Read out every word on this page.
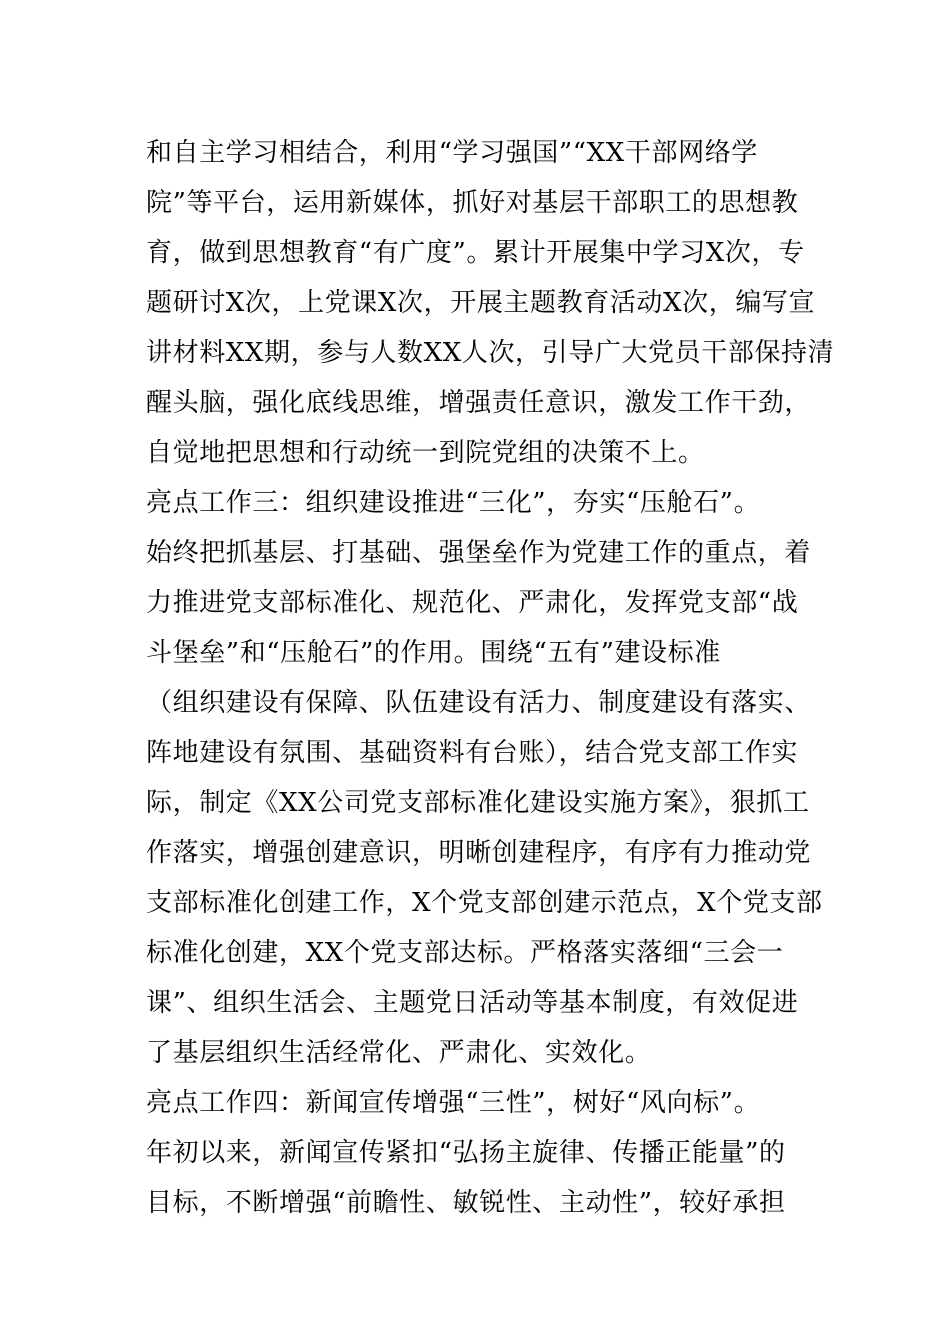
和自主学习相结合，利用“学习强国”“XX干部网络学
院”等平台，运用新媒体，抓好对基层干部职工的思想教
育，做到思想教育“有广度”。累计开展集中学习X次，专
题研讨X次，上党课X次，开展主题教育活动X次，编写宣
讲材料XX期，参与人数XX人次，引导广大党员干部保持清
醒头脑，强化底线思维，增强责任意识，激发工作干劲，
自觉地把思想和行动统一到院党组的决策不上。
亮点工作三：组织建设推进“三化”，夯实“压舱石”。
始终把抓基层、打基础、强堡垒作为党建工作的重点，着
力推进党支部标准化、规范化、严肃化，发挥党支部“战
斗堡垒”和“压舱石”的作用。围绕“五有”建设标准
（组织建设有保障、队伍建设有活力、制度建设有落实、
阵地建设有氛围、基础资料有台账），结合党支部工作实
际，制定《XX公司党支部标准化建设实施方案》，狠抓工
作落实，增强创建意识，明晰创建程序，有序有力推动党
支部标准化创建工作，X个党支部创建示范点，X个党支部
标准化创建，XX个党支部达标。严格落实落细“三会一
课”、组织生活会、主题党日活动等基本制度，有效促进
了基层组织生活经常化、严肃化、实效化。
亮点工作四：新闻宣传增强“三性”，树好“风向标”。
年初以来，新闻宣传紧扣“弘扬主旋律、传播正能量”的
目标，不断增强“前瞻性、敏锐性、主动性”，较好承担
